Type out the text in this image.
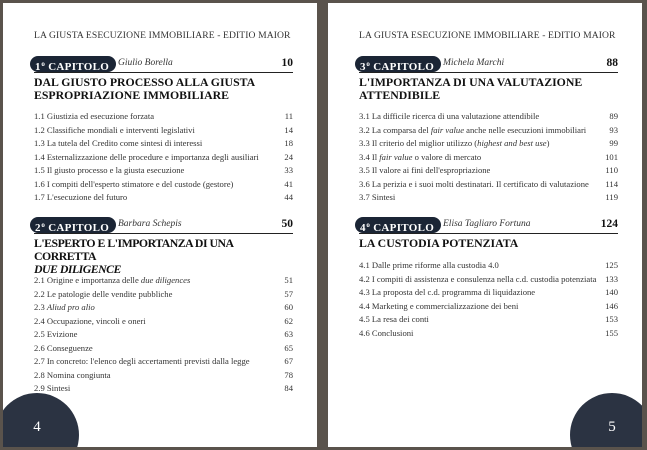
LA GIUSTA ESECUZIONE IMMOBILIARE - EDITIO MAIOR
1$^o$ CAPITOLO Giulio Borella	10
DAL GIUSTO PROCESSO ALLA GIUSTA ESPROPRIAZIONE IMMOBILIARE
1.1 Giustizia ed esecuzione forzata	11
1.2 Classifiche mondiali e interventi legislativi	14
1.3 La tutela del Credito come sintesi di interessi	18
1.4 Esternalizzazione delle procedure e importanza degli ausiliari	24
1.5 Il giusto processo e la giusta esecuzione	33
1.6 I compiti dell'esperto stimatore e del custode (gestore)	41
1.7 L'esecuzione del futuro	44
2$^o$ CAPITOLO Barbara Schepis	50
L'ESPERTO E L'IMPORTANZA DI UNA CORRETTA
DUE DILIGENCE
2.1 Origine e importanza delle due diligences	51
2.2 Le patologie delle vendite pubbliche	57
2.3 Aliud pro alio	60
2.4 Occupazione, vincoli e oneri	62
2.5 Evizione	63
2.6 Conseguenze	65
2.7 In concreto: l'elenco degli accertamenti previsti dalla legge	67
2.8 Nomina congiunta	78
2.9 Sintesi	84
4
LA GIUSTA ESECUZIONE IMMOBILIARE - EDITIO MAIOR
3$^o$ CAPITOLO Michela Marchi	88
L'IMPORTANZA DI UNA VALUTAZIONE ATTENDIBILE
3.1 La difficile ricerca di una valutazione attendibile	89
3.2 La comparsa del fair value anche nelle esecuzioni immobiliari	93
3.3 Il criterio del miglior utilizzo (highest and best use)	99
3.4 Il fair value o valore di mercato	101
3.5 Il valore ai fini dell'espropriazione	110
3.6 La perizia e i suoi molti destinatari. Il certificato di valutazione 114
3.7 Sintesi	119
4$^o$ CAPITOLO Elisa Tagliaro Fortuna	124
LA CUSTODIA POTENZIATA
4.1 Dalle prime riforme alla custodia 4.0	125
4.2 I compiti di assistenza e consulenza nella c.d. custodia potenziata 133
4.3 La proposta del c.d. programma di liquidazione	140
4.4 Marketing e commercializzazione dei beni	146
4.5 La resa dei conti	153
4.6 Conclusioni	155
5
